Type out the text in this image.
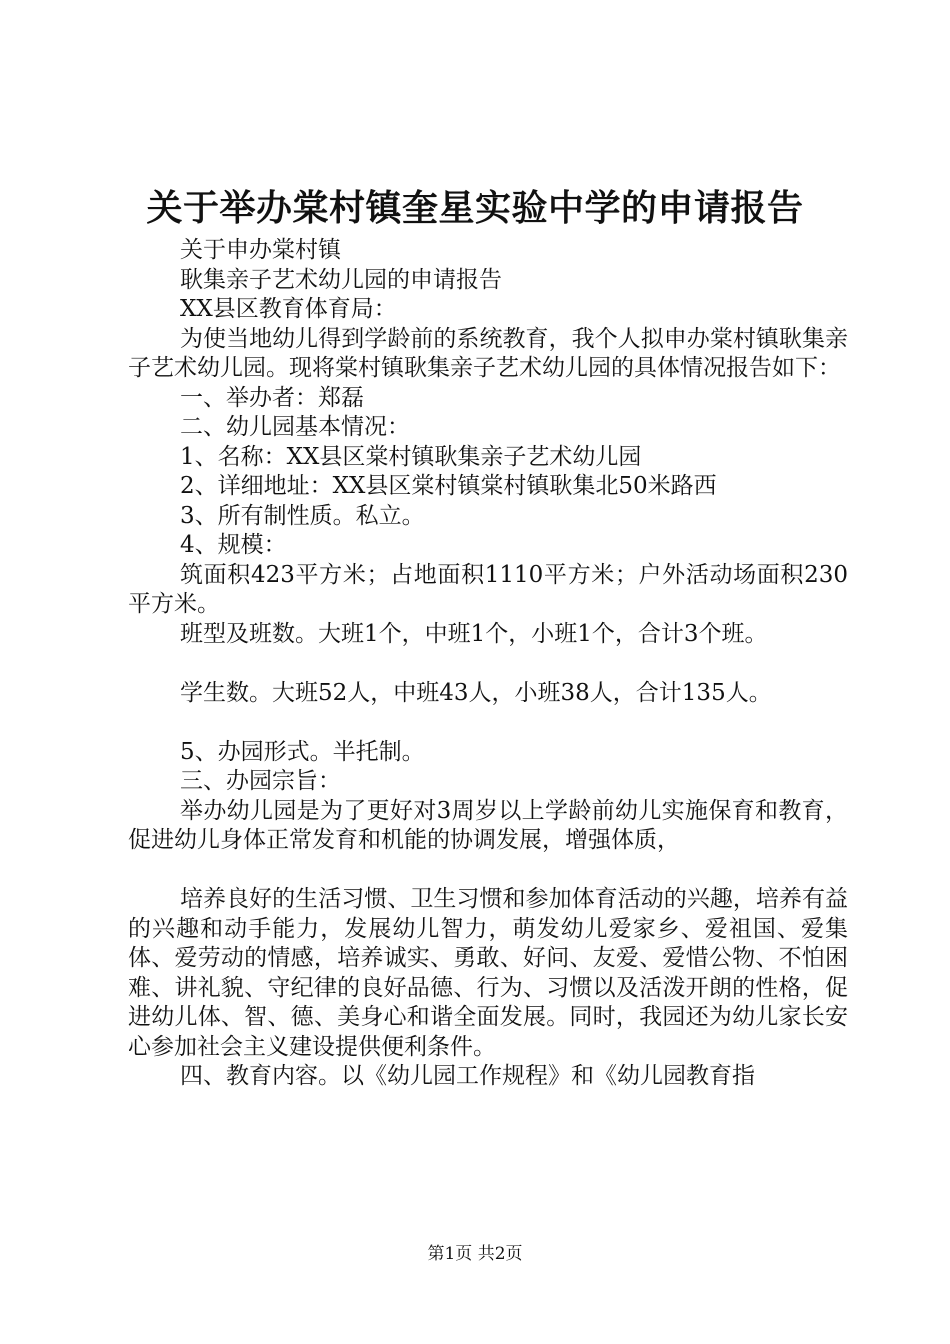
关于举办棠村镇奎星实验中学的申请报告

关于申办棠村镇

耿集亲子艺术幼儿园的申请报告

XX县区教育体育局：

为使当地幼儿得到学龄前的系统教育，我个人拟申办棠村镇耿集亲子艺术幼儿园。现将棠村镇耿集亲子艺术幼儿园的具体情况报告如下：

一、举办者：郑磊

二、幼儿园基本情况：

1、名称：XX县区棠村镇耿集亲子艺术幼儿园

2、详细地址：XX县区棠村镇棠村镇耿集北50米路西

3、所有制性质。私立。

4、规模：

筑面积423平方米；占地面积1110平方米；户外活动场面积230平方米。

班型及班数。大班1个，中班1个，小班1个，合计3个班。

学生数。大班52人，中班43人，小班38人，合计135人。

5、办园形式。半托制。

三、办园宗旨：

举办幼儿园是为了更好对3周岁以上学龄前幼儿实施保育和教育，促进幼儿身体正常发育和机能的协调发展，增强体质，

培养良好的生活习惯、卫生习惯和参加体育活动的兴趣，培养有益的兴趣和动手能力，发展幼儿智力，萌发幼儿爱家乡、爱祖国、爱集体、爱劳动的情感，培养诚实、勇敢、好问、友爱、爱惜公物、不怕困难、讲礼貌、守纪律的良好品德、行为、习惯以及活泼开朗的性格，促进幼儿体、智、德、美身心和谐全面发展。同时，我园还为幼儿家长安心参加社会主义建设提供便利条件。

四、教育内容。以《幼儿园工作规程》和《幼儿园教育指

第1页 共2页
